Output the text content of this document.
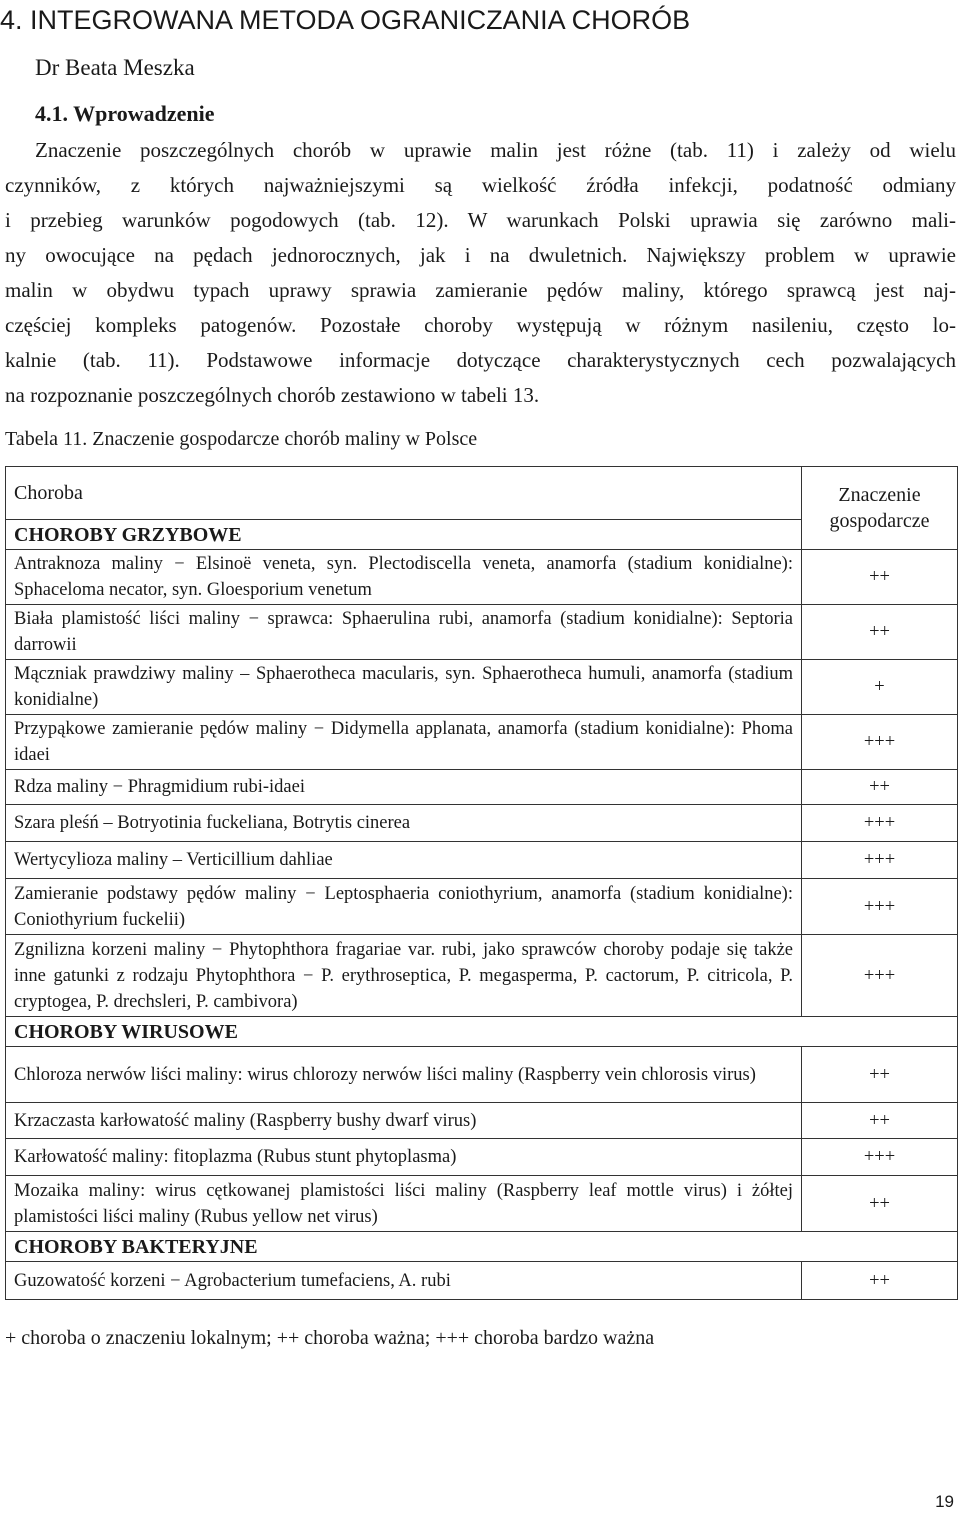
4. INTEGROWANA METODA OGRANICZANIA CHORÓB
Dr Beata Meszka
4.1. Wprowadzenie

Znaczenie poszczególnych chorób w uprawie malin jest różne (tab. 11) i zależy od wielu
czynników, z których najważniejszymi są wielkość źródła infekcji, podatność odmiany
i przebieg warunków pogodowych (tab. 12). W warunkach Polski uprawia się zarówno mali-
ny owocujące na pędach jednorocznych, jak i na dwuletnich. Największy problem w uprawie
malin w obydwu typach uprawy sprawia zamieranie pędów maliny, którego sprawcą jest naj-
częściej kompleks patogenów. Pozostałe choroby występują w różnym nasileniu, często lo-
kalnie (tab. 11). Podstawowe informacje dotyczące charakterystycznych cech pozwalających
na rozpoznanie poszczególnych chorób zestawiono w tabeli 13.

Tabela 11. Znaczenie gospodarcze chorób maliny w Polsce

Choroba	Znaczenie gospodarcze
CHOROBY GRZYBOWE	

Antraknoza maliny − Elsinoë veneta, syn. Plectodiscella veneta, anamorfa (stadium konidialne): Sphaceloma necator, syn. Gloesporium venetum	++

Biała plamistość liści maliny − sprawca: Sphaerulina rubi, anamorfa (stadium konidialne): Septoria darrowii	++

Mączniak prawdziwy maliny – Sphaerotheca macularis, syn. Sphaerotheca humuli, anamorfa (stadium konidialne)	+

Przypąkowe zamieranie pędów maliny − Didymella applanata, anamorfa (stadium konidialne): Phoma idaei	+++
Rdza maliny − Phragmidium rubi-idaei	++
Szara pleśń – Botryotinia fuckeliana, Botrytis cinerea	+++
Wertycylioza maliny – Verticillium dahliae	+++

Zamieranie podstawy pędów maliny − Leptosphaeria coniothyrium, anamorfa (stadium konidialne): Coniothyrium fuckelii)	+++

Zgnilizna korzeni maliny − Phytophthora fragariae var. rubi, jako sprawców choroby podaje się także inne gatunki z rodzaju Phytophthora − P. erythroseptica, P. megasperma, P. cactorum, P. citricola, P. cryptogea, P. drechsleri, P. cambivora)	+++
CHOROBY WIRUSOWE	

Chloroza nerwów liści maliny: wirus chlorozy nerwów liści maliny (Raspberry vein chlorosis virus)	++
Krzaczasta karłowatość maliny (Raspberry bushy dwarf virus)	++
Karłowatość maliny: fitoplazma (Rubus stunt phytoplasma)	+++

Mozaika maliny: wirus cętkowanej plamistości liści maliny (Raspberry leaf mottle virus) i żółtej plamistości liści maliny (Rubus yellow net virus)	++
CHOROBY BAKTERYJNE	
Guzowatość korzeni − Agrobacterium tumefaciens, A. rubi	++

+ choroba o znaczeniu lokalnym; ++ choroba ważna; +++ choroba bardzo ważna

19
